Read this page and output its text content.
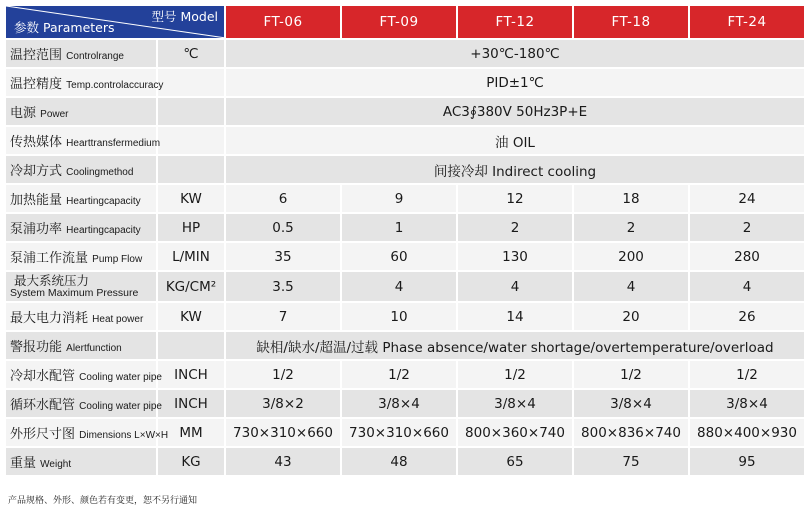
型号 Model
参数 Parameters		FT-06	FT-09	FT-12	FT-18	FT-24
温控范围 Controlrange	℃	+30℃-180℃				
温控精度 Temp.controlaccuracy		PID±1℃				
电源 Power		AC3∮380V 50Hz3P+E				
传热媒体 Hearttransfermedium		油 OIL				
冷却方式 Coolingmethod		间接冷却 Indirect cooling				
加热能量 Heartingcapacity	KW	6	9	12	18	24
泵浦功率 Heartingcapacity	HP	0.5	1	2	2	2
泵浦工作流量 Pump Flow	L/MIN	35	60	130	200	280

最大系统压力
System Maximum Pressure	KG/CM²	3.5	4	4	4	4
最大电力消耗 Heat power	KW	7	10	14	20	26
警报功能 Alertfunction		缺相/缺水/超温/过载 Phase absence/water shortage/overtemperature/overload				
冷却水配管 Cooling water pipe	INCH	1/2	1/2	1/2	1/2	1/2
循环水配管 Cooling water pipe	INCH	3/8×2	3/8×4	3/8×4	3/8×4	3/8×4
外形尺寸图 Dimensions L×W×H	MM	730×310×660	730×310×660	800×360×740	800×836×740	880×400×930
重量 Weight	KG	43	48	65	75	95
产品规格、外形、颜色若有变更，恕不另行通知
